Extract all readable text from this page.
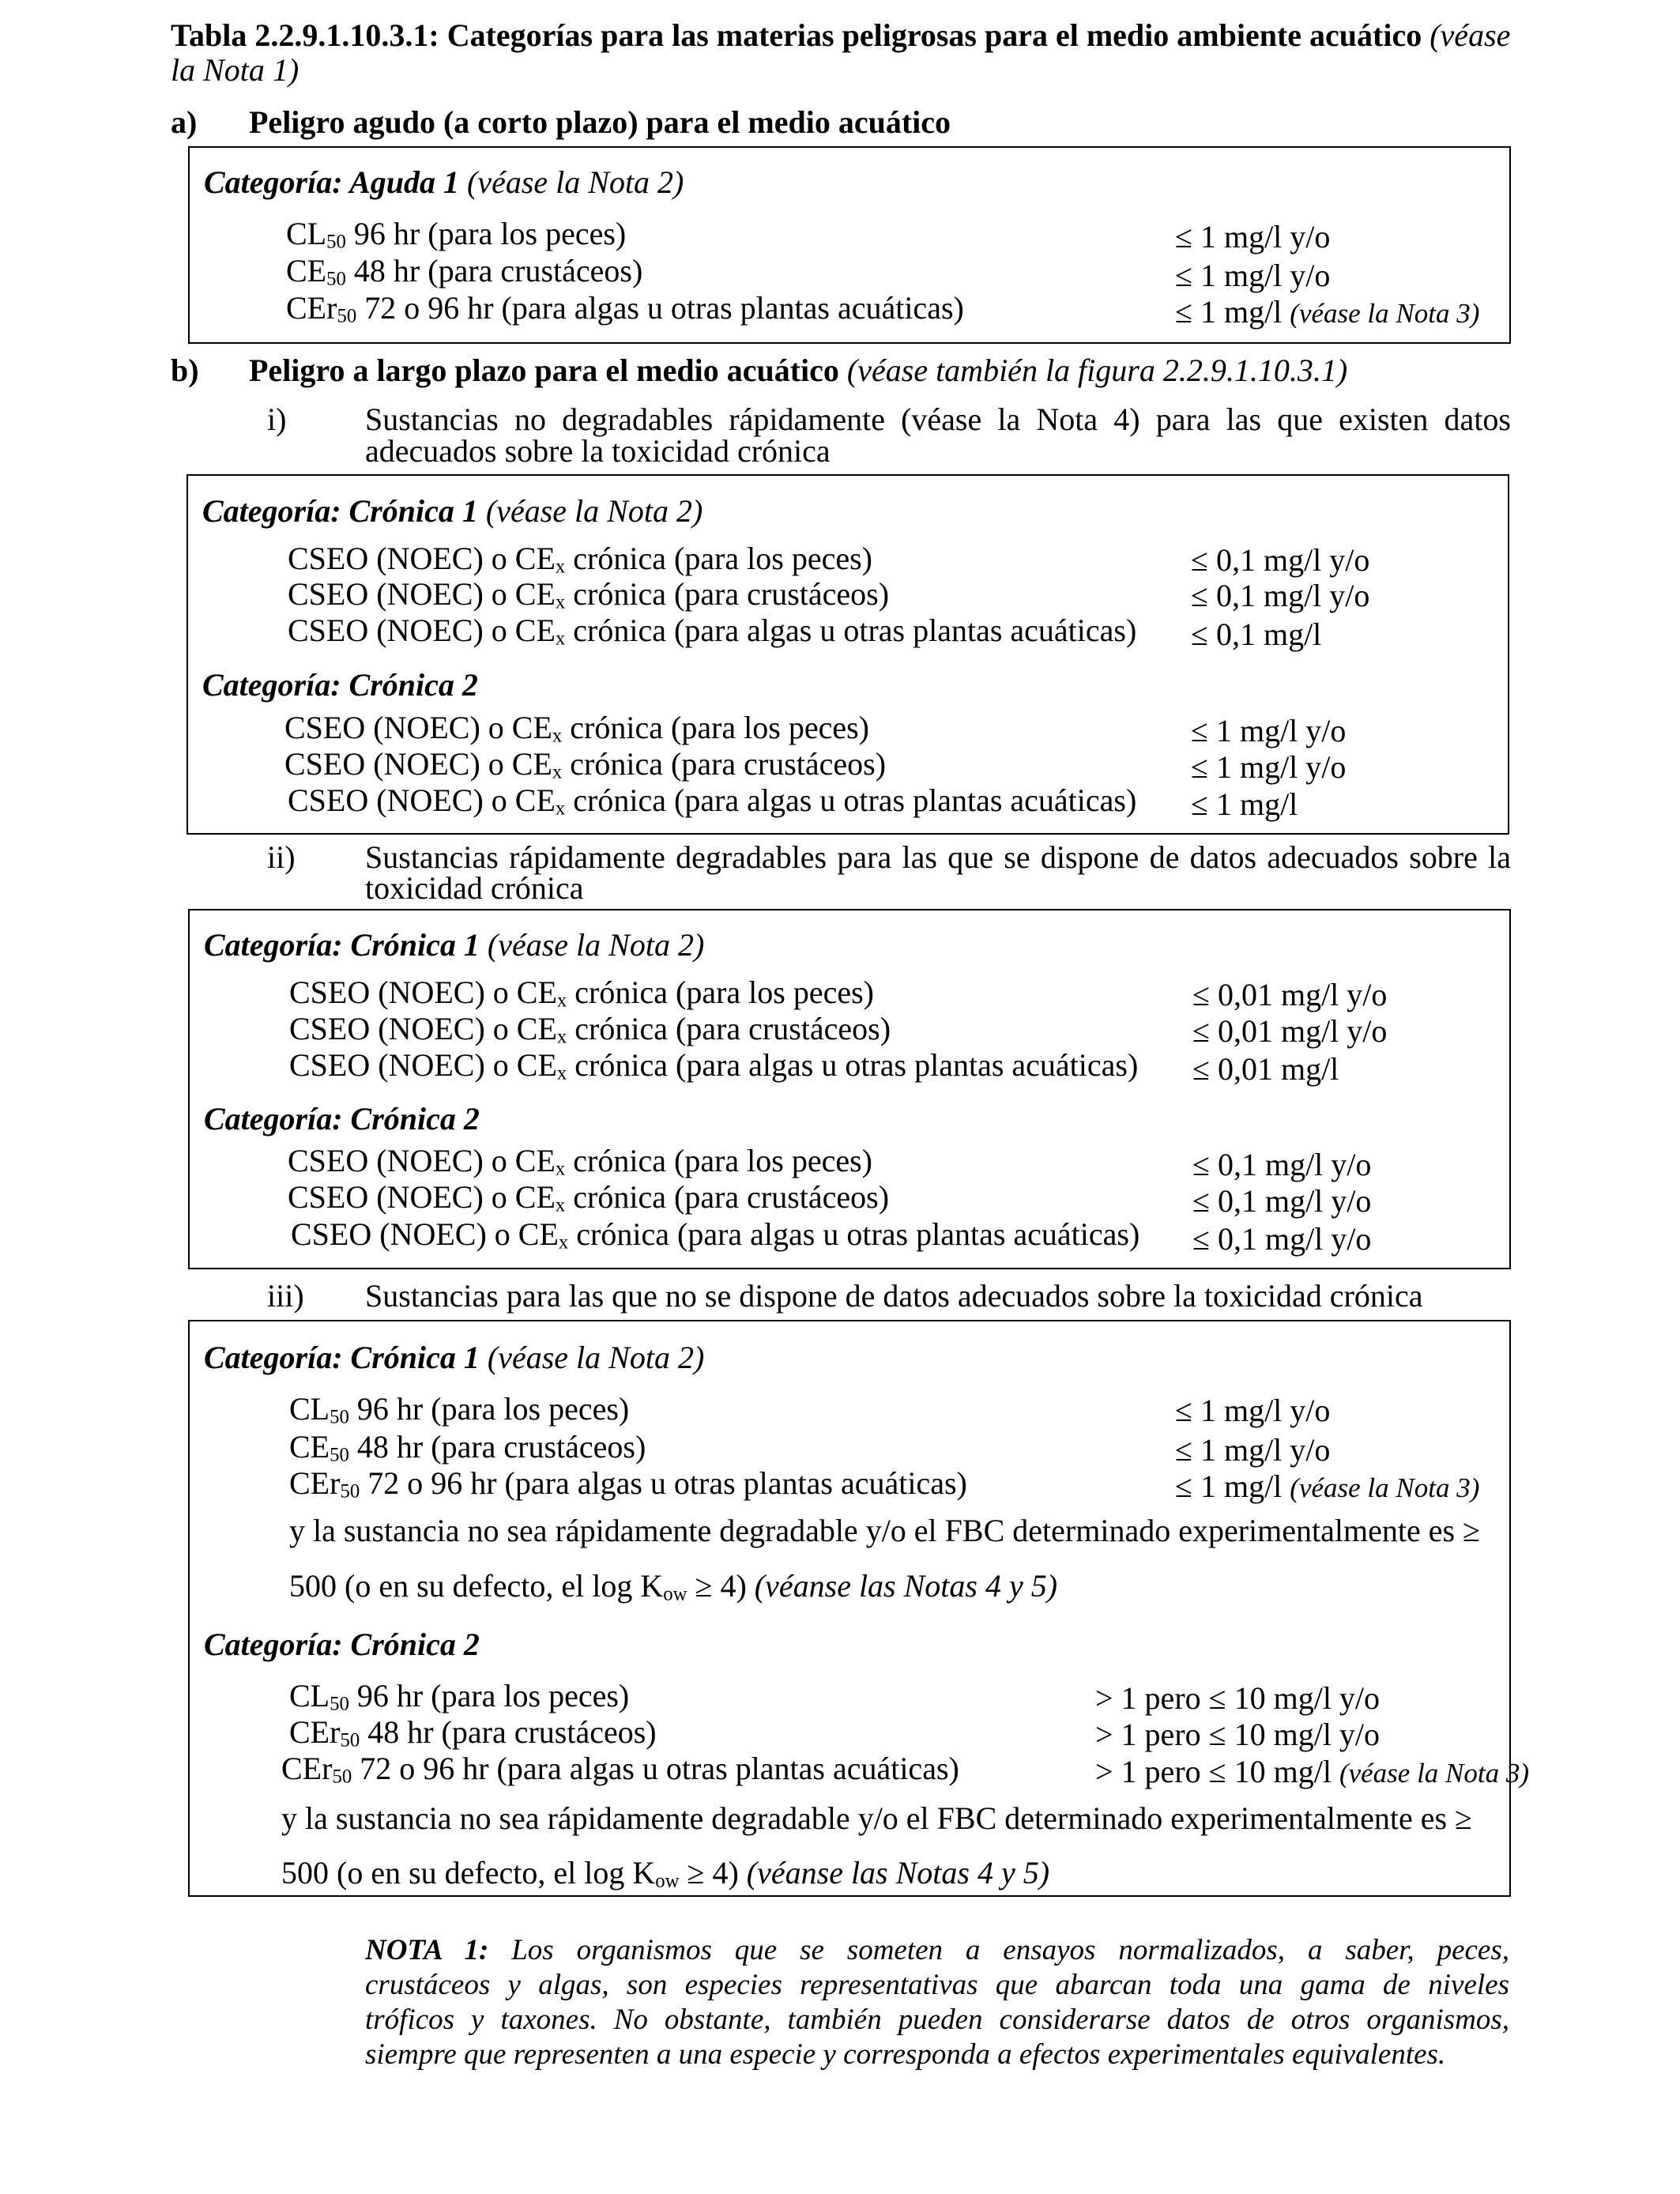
Tabla 2.2.9.1.10.3.1: Categorías para las materias peligrosas para el medio ambiente acuático (véase
la Nota 1)
a) Peligro agudo (a corto plazo) para el medio acuático
Categoría: Aguda 1 (véase la Nota 2)
$CL_{50}$ 96 hr (para los peces)	≤ 1 mg/l y/o
$CE_{50}$ 48 hr (para crustáceos)	≤ 1 mg/l y/o
CEr$_{50}$ 72 o 96 hr (para algas u otras plantas acuáticas)	≤ 1 mg/l (véase la Nota 3)
b) Peligro a largo plazo para el medio acuático (véase también la figura 2.2.9.1.10.3.1)
i) Sustancias no degradables rápidamente (véase la Nota 4) para las que existen datos
adecuados sobre la toxicidad crónica
Categoría: Crónica 1 (véase la Nota 2)
CSEO (NOEC) o $CE_x$ crónica (para los peces)	≤ 0,1 mg/l y/o
CSEO (NOEC) o $CE_x$ crónica (para crustáceos)	≤ 0,1 mg/l y/o
CSEO (NOEC) o $CE_x$ crónica (para algas u otras plantas acuáticas) ≤ 0,1 mg/l
Categoría: Crónica 2
CSEO (NOEC) o $CE_x$ crónica (para los peces)	≤ 1 mg/l y/o
CSEO (NOEC) o $CE_x$ crónica (para crustáceos)	≤ 1 mg/l y/o
CSEO (NOEC) o $CE_x$ crónica (para algas u otras plantas acuáticas) ≤ 1 mg/l
ii) Sustancias rápidamente degradables para las que se dispone de datos adecuados sobre la
toxicidad crónica
Categoría: Crónica 1 (véase la Nota 2)
CSEO (NOEC) o $CE_x$ crónica (para los peces)	≤ 0,01 mg/l y/o
CSEO (NOEC) o $CE_x$ crónica (para crustáceos)	≤ 0,01 mg/l y/o
CSEO (NOEC) o $CE_x$ crónica (para algas u otras plantas acuáticas) ≤ 0,01 mg/l
Categoría: Crónica 2
CSEO (NOEC) o $CE_x$ crónica (para los peces)	≤ 0,1 mg/l y/o
CSEO (NOEC) o $CE_x$ crónica (para crustáceos)	≤ 0,1 mg/l y/o
CSEO (NOEC) o $CE_x$ crónica (para algas u otras plantas acuáticas) ≤ 0,1 mg/l y/o
iii) Sustancias para las que no se dispone de datos adecuados sobre la toxicidad crónica
Categoría: Crónica 1 (véase la Nota 2)
$CL_{50}$ 96 hr (para los peces)	≤ 1 mg/l y/o
$CE_{50}$ 48 hr (para crustáceos)	≤ 1 mg/l y/o
CEr$_{50}$ 72 o 96 hr (para algas u otras plantas acuáticas)	≤ 1 mg/l (véase la Nota 3)
y la sustancia no sea rápidamente degradable y/o el FBC determinado experimentalmente es ≥
500 (o en su defecto, el $\log K_{ow} \ge 4$) (véanse las Notas 4 y 5)
Categoría: Crónica 2
$CL_{50}$ 96 hr (para los peces)	> 1 pero ≤ 10 mg/l y/o
CEr$_{50}$ 48 hr (para crustáceos)	> 1 pero ≤ 10 mg/l y/o
CEr$_{50}$ 72 o 96 hr (para algas u otras plantas acuáticas)	> 1 pero ≤ 10 mg/l (véase la Nota 3)
y la sustancia no sea rápidamente degradable y/o el FBC determinado experimentalmente es ≥
500 (o en su defecto, el $\log K_{ow} \ge 4$) (véanse las Notas 4 y 5)
NOTA 1: Los organismos que se someten a ensayos normalizados, a saber, peces,
crustáceos y algas, son especies representativas que abarcan toda una gama de niveles
tróficos y taxones. No obstante, también pueden considerarse datos de otros organismos,
siempre que representen a una especie y corresponda a efectos experimentales equivalentes.
